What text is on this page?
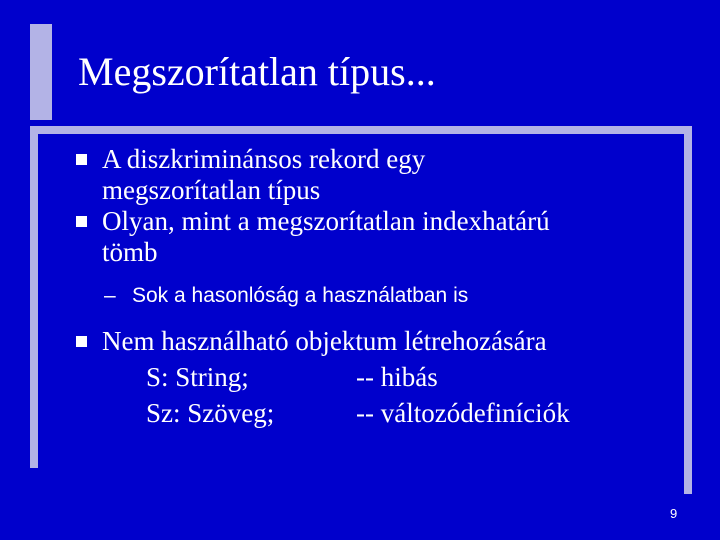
Megszorítatlan típus...
A diszkriminánsos rekord egy
megszorítatlan típus
Olyan, mint a megszorítatlan indexhatárú
tömb
– Sok a hasonlóság a használatban is
Nem használható objektum létrehozására
S: String;	-- hibás
Sz: Szöveg;	-- változódefiníciók
9
